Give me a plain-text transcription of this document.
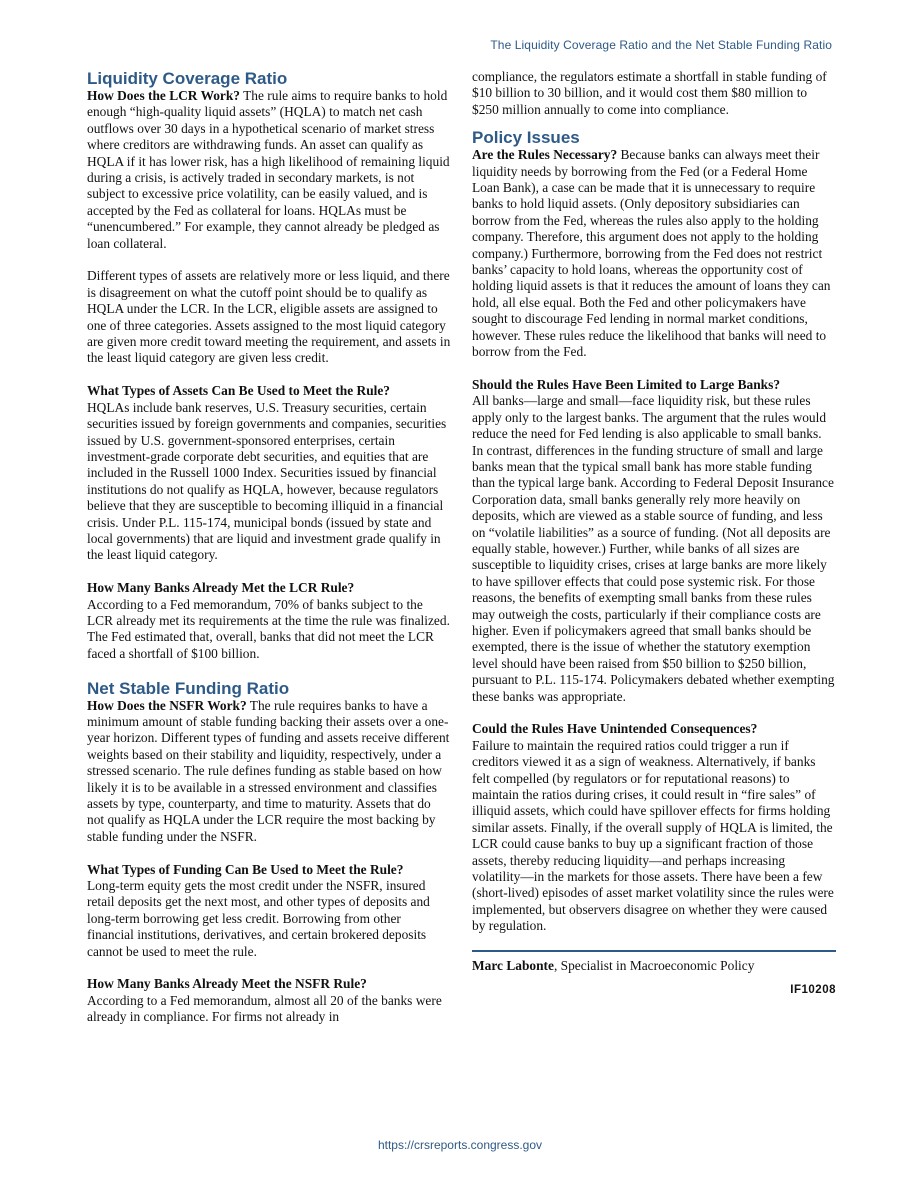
The Liquidity Coverage Ratio and the Net Stable Funding Ratio
Liquidity Coverage Ratio

How Does the LCR Work? The rule aims to require banks to hold enough “high-quality liquid assets” (HQLA) to match net cash outflows over 30 days in a hypothetical scenario of market stress where creditors are withdrawing funds. An asset can qualify as HQLA if it has lower risk, has a high likelihood of remaining liquid during a crisis, is actively traded in secondary markets, is not subject to excessive price volatility, can be easily valued, and is accepted by the Fed as collateral for loans. HQLAs must be “unencumbered.” For example, they cannot already be pledged as loan collateral.

Different types of assets are relatively more or less liquid, and there is disagreement on what the cutoff point should be to qualify as HQLA under the LCR. In the LCR, eligible assets are assigned to one of three categories. Assets assigned to the most liquid category are given more credit toward meeting the requirement, and assets in the least liquid category are given less credit.

What Types of Assets Can Be Used to Meet the Rule?
HQLAs include bank reserves, U.S. Treasury securities, certain securities issued by foreign governments and companies, securities issued by U.S. government-sponsored enterprises, certain investment-grade corporate debt securities, and equities that are included in the Russell 1000 Index. Securities issued by financial institutions do not qualify as HQLA, however, because regulators believe that they are susceptible to becoming illiquid in a financial crisis. Under P.L. 115-174, municipal bonds (issued by state and local governments) that are liquid and investment grade qualify in the least liquid category.

How Many Banks Already Met the LCR Rule?
According to a Fed memorandum, 70% of banks subject to the LCR already met its requirements at the time the rule was finalized. The Fed estimated that, overall, banks that did not meet the LCR faced a shortfall of $100 billion.

Net Stable Funding Ratio

How Does the NSFR Work? The rule requires banks to have a minimum amount of stable funding backing their assets over a one-year horizon. Different types of funding and assets receive different weights based on their stability and liquidity, respectively, under a stressed scenario. The rule defines funding as stable based on how likely it is to be available in a stressed environment and classifies assets by type, counterparty, and time to maturity. Assets that do not qualify as HQLA under the LCR require the most backing by stable funding under the NSFR.

What Types of Funding Can Be Used to Meet the Rule?
Long-term equity gets the most credit under the NSFR, insured retail deposits get the next most, and other types of deposits and long-term borrowing get less credit. Borrowing from other financial institutions, derivatives, and certain brokered deposits cannot be used to meet the rule.

How Many Banks Already Meet the NSFR Rule?
According to a Fed memorandum, almost all 20 of the banks were already in compliance. For firms not already in

compliance, the regulators estimate a shortfall in stable funding of $10 billion to 30 billion, and it would cost them $80 million to $250 million annually to come into compliance.

Policy Issues

Are the Rules Necessary? Because banks can always meet their liquidity needs by borrowing from the Fed (or a Federal Home Loan Bank), a case can be made that it is unnecessary to require banks to hold liquid assets. (Only depository subsidiaries can borrow from the Fed, whereas the rules also apply to the holding company. Therefore, this argument does not apply to the holding company.) Furthermore, borrowing from the Fed does not restrict banks’ capacity to hold loans, whereas the opportunity cost of holding liquid assets is that it reduces the amount of loans they can hold, all else equal. Both the Fed and other policymakers have sought to discourage Fed lending in normal market conditions, however. These rules reduce the likelihood that banks will need to borrow from the Fed.

Should the Rules Have Been Limited to Large Banks?
All banks—large and small—face liquidity risk, but these rules apply only to the largest banks. The argument that the rules would reduce the need for Fed lending is also applicable to small banks. In contrast, differences in the funding structure of small and large banks mean that the typical small bank has more stable funding than the typical large bank. According to Federal Deposit Insurance Corporation data, small banks generally rely more heavily on deposits, which are viewed as a stable source of funding, and less on “volatile liabilities” as a source of funding. (Not all deposits are equally stable, however.) Further, while banks of all sizes are susceptible to liquidity crises, crises at large banks are more likely to have spillover effects that could pose systemic risk. For those reasons, the benefits of exempting small banks from these rules may outweigh the costs, particularly if their compliance costs are higher. Even if policymakers agreed that small banks should be exempted, there is the issue of whether the statutory exemption level should have been raised from $50 billion to $250 billion, pursuant to P.L. 115-174. Policymakers debated whether exempting these banks was appropriate.

Could the Rules Have Unintended Consequences?
Failure to maintain the required ratios could trigger a run if creditors viewed it as a sign of weakness. Alternatively, if banks felt compelled (by regulators or for reputational reasons) to maintain the ratios during crises, it could result in “fire sales” of illiquid assets, which could have spillover effects for firms holding similar assets. Finally, if the overall supply of HQLA is limited, the LCR could cause banks to buy up a significant fraction of those assets, thereby reducing liquidity—and perhaps increasing volatility—in the markets for those assets. There have been a few (short-lived) episodes of asset market volatility since the rules were implemented, but observers disagree on whether they were caused by regulation.

Marc Labonte, Specialist in Macroeconomic Policy

IF10208
https://crsreports.congress.gov
